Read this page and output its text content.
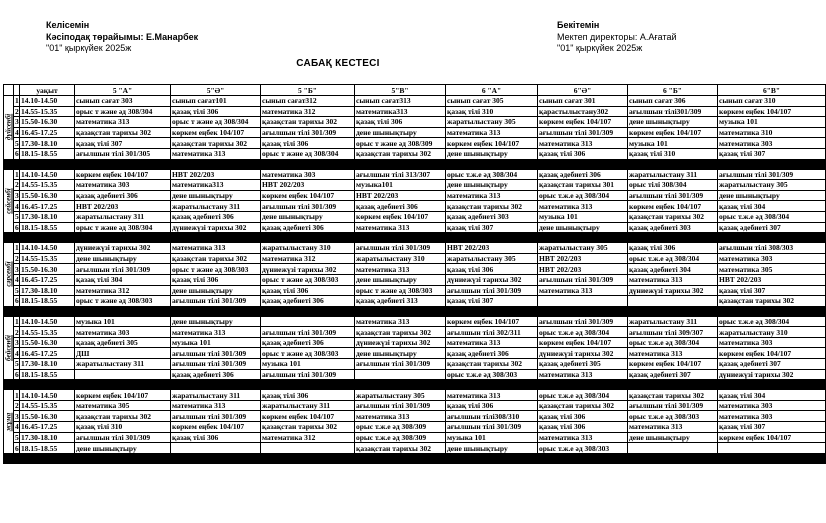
Келісемін
Кәсіподақ төрайымы: Е.Манарбек
"01" қыркүйек 2025ж
Бекітемін
Мектеп директоры: А.Ағатай
"01" қыркүйек 2025ж
САБАҚ КЕСТЕСІ
		уақыт	5 "А"	5"Ә"	5 "Б"	5"В"	6 "А"	6"Ә"	6 "Б"	6"В"

дүйсенбі	1	14.10-14.50	сынып сағат 303	сынып сағат101	сынып сағат312	сынып сағат313	сынып сағат 305	сынып сағат 301	сынып сағат 306	сынып сағат 310
	2	14.55-15.35	орыс т және әд 308/304	қазақ тілі 306	математика 312	математика313	қазақ тілі 310	қарастылыстану302	ағылшын тілі301/309	көркем еңбек 104/107
	3	15.50-16.30	математика 313	орыс т және әд 308/304	қазақстан тарихы 302	қазақ тілі 306	жаратылыстану 305	көркем еңбек 104/107	дене шынықтыру	музыка 101
	4	16.45-17.25	қазақстан тарихы 302	көркем еңбек 104/107	ағылшын тілі 301/309	дене шынықтыру	математика 313	ағылшын тілі 301/309	көркем еңбек 104/107	математика 310
	5	17.30-18.10	қазақ тілі 307	қазақстан тарихы 302	қазақ тілі 306	орыс т және әд 308/309	көркем еңбек 104/107	математика 313	музыка 101	математика 303
	6	18.15-18.55	ағылшын тілі 301/305	математика 313	орыс т және әд 308/304	қазақстан тарихы 302	дене шынықтыру	қазақ тілі 306	қазақ тілі 310	қазақ тілі 307

сейсенбі	1	14.10-14.50	көркем еңбек 104/107	НВТ 202/203	математика 303	ағылшын тілі 313/307	орыс т.ж.е әд 308/304	қазақ әдебиеті 306	жаратылыстану 311	ағылшын тілі 301/309
	2	14.55-15.35	математика 303	математика313	НВТ 202/203	музыка101	дене шынықтыру	қазақстан тарихы 301	орыс тілі 308/304	жаратылыстану 305
	3	15.50-16.30	қазақ әдебиеті 306	дене шынықтыру	көркем еңбек 104/107	НВТ 202/203	математика 313	орыс т.ж.е әд 308/304	ағылшын тілі 301/309	дене шынықтыру
	4	16.45-17.25	НВТ 202/203	жаратылыстану 311	ағылшын тілі 301/309	қазақ әдебиеті 306	қазақстан тарихы 302	математика 313	көркем еңбек 104/107	қазақ тілі 304
	5	17.30-18.10	жаратылыстану 311	қазақ әдебиеті 306	дене шынықтыру	көркем еңбек 104/107	қазақ әдебиеті 303	музыка 101	қазақстан тарихы 302	орыс т.ж.е әд 308/304
	6	18.15-18.55	орыс т және әд 308/304	дүниежүзі тарихы 302	қазақ әдебиеті 306	математика 313	қазақ тілі 307	дене шынықтыру	қазақ әдебиеті 303	қазақ әдебиеті 307

сәрсенбі	1	14.10-14.50	дүниежүзі тарихы 302	математика 313	жаратылыстану 310	ағылшын тілі 301/309	НВТ 202/203	жаратылыстану 305	қазақ тілі 306	ағылшын тілі 308/303
	2	14.55-15.35	дене шынықтыру	қазақстан тарихы 302	математика 312	жаратылыстану 310	жаратылыстану 305	НВТ 202/203	орыс т.ж.е әд 308/304	математика 303
	3	15.50-16.30	ағылшын тілі 301/309	орыс т және әд 308/303	дүниежүзі тарихы 302	математика 313	қазақ тілі 306	НВТ 202/203	қазақ әдебиеті 304	математика 305
	4	16.45-17.25	қазақ тілі 304	қазақ тілі 306	орыс т және әд 308/303	дене шынықтыру	дүниежүзі тарихы 302	ағылшын тілі 301/309	математика 313	НВТ 202/203
	5	17.30-18.10	математика 312	дене шынықтыру	қазақ тілі 306	орыс т және әд 308/303	ағылшын тілі 301/309	математика 313	дүниежүзі тарихы 302	қазақ тілі 307
	6	18.15-18.55	орыс т және әд 308/303	ағылшын тілі 301/309	қазақ әдебиеті 306	қазақ әдебиеті 313	қазақ тілі 307			қазақстан тарихы 302

бейсенбі	1	14.10-14.50	музыка 101	дене шынықтыру		математика 313	көркем еңбек 104/107	ағылшын тілі 301/309	жаратылыстану 311	орыс т.ж.е әд 308/304
	2	14.55-15.35	математика 303	математика 313	ағылшын тілі 301/309	қазақстан тарихы 302	ағылшын тілі 302/311	орыс т.ж.е әд 308/304	ағылшын тілі 309/307	жаратылыстану 310
	3	15.50-16.30	қазақ әдебиеті 305	музыка 101	қазақ әдебиеті 306	дүниежүзі тарихы 302	математика 313	көркем еңбек 104/107	орыс т.ж.е әд 308/304	математика 303
	4	16.45-17.25	ДШ	ағылшын тілі 301/309	орыс т және әд 308/303	дене шынықтыру	қазақ әдебиеті 306	дүниежүзі тарихы 302	математика 313	көркем еңбек 104/107
	5	17.30-18.10	жаратылыстану 311	ағылшын тілі 301/309	музыка 101	ағылшын тілі 301/309	қазақстан тарихы 302	қазақ әдебиеті 305	көркем еңбек 104/107	қазақ әдебиеті 307
	6	18.15-18.55		қазақ әдебиеті 306	ағылшын тілі 301/309		орыс т.ж.е әд 308/303	математика 313	қазақ әдебиеті 307	дүниежүзі тарихы 302

жұма	1	14.10-14.50	көркем еңбек 104/107	жаратылыстану 311	қазақ тілі 306	жаратылыстану 305	математика 313	орыс т.ж.е әд 308/304	қазақстан тарихы 302	қазақ тілі 304
	2	14.55-15.35	математика 305	математика 313	жаратылыстану 311	ағылшын тілі 301/309	қазақ тілі 306	қазақстан тарихы 302	ағылшын тілі 301/309	математика 303
	3	15.50-16.30	қазақстан тарихы 302	ағылшын тілі 301/309	көркем еңбек 104/107	математика 313	ағылшын тілі308/310	қазақ тілі 306	орыс т.ж.е әд 308/303	математика 303
	4	16.45-17.25	қазақ тілі 310	көркем еңбек 104/107	қазақстан тарихы 302	орыс т.ж.е әд 308/309	ағылшын тілі 301/309	қазақ тілі 306	математика 313	қазақ тілі 307
	5	17.30-18.10	ағылшын тілі 301/309	қазақ тілі 306	математика 312	орыс т.ж.е әд 308/309	музыка 101	математика 313	дене шынықтыру	көркем еңбек 104/107
	6	18.15-18.55	дене шынықтыру			қазақстан тарихы 302	дене шынықтыру	орыс т.ж.е әд 308/303		
